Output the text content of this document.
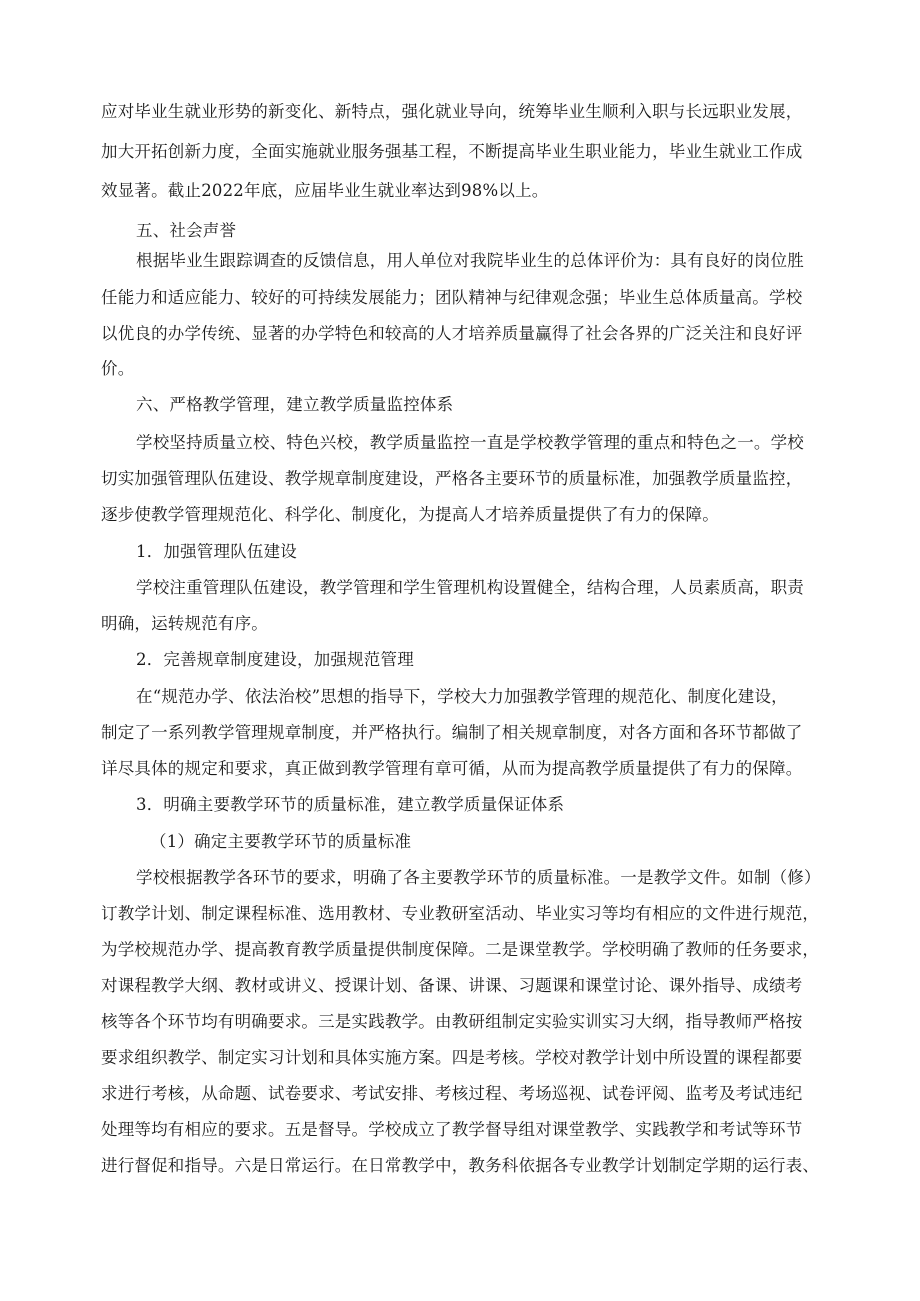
应对毕业生就业形势的新变化、新特点，强化就业导向，统筹毕业生顺利入职与长远职业发展，
加大开拓创新力度，全面实施就业服务强基工程，不断提高毕业生职业能力，毕业生就业工作成
效显著。截止2022年底，应届毕业生就业率达到98%以上。
五、社会声誉
根据毕业生跟踪调查的反馈信息，用人单位对我院毕业生的总体评价为：具有良好的岗位胜
任能力和适应能力、较好的可持续发展能力；团队精神与纪律观念强；毕业生总体质量高。学校
以优良的办学传统、显著的办学特色和较高的人才培养质量赢得了社会各界的广泛关注和良好评
价。
六、严格教学管理，建立教学质量监控体系
学校坚持质量立校、特色兴校，教学质量监控一直是学校教学管理的重点和特色之一。学校
切实加强管理队伍建设、教学规章制度建设，严格各主要环节的质量标准，加强教学质量监控，
逐步使教学管理规范化、科学化、制度化，为提高人才培养质量提供了有力的保障。
1．加强管理队伍建设
学校注重管理队伍建设，教学管理和学生管理机构设置健全，结构合理，人员素质高，职责
明确，运转规范有序。
2．完善规章制度建设，加强规范管理
在“规范办学、依法治校”思想的指导下，学校大力加强教学管理的规范化、制度化建设，
制定了一系列教学管理规章制度，并严格执行。编制了相关规章制度，对各方面和各环节都做了
详尽具体的规定和要求，真正做到教学管理有章可循，从而为提高教学质量提供了有力的保障。
3．明确主要教学环节的质量标准，建立教学质量保证体系
（1）确定主要教学环节的质量标准
学校根据教学各环节的要求，明确了各主要教学环节的质量标准。一是教学文件。如制（修）
订教学计划、制定课程标准、选用教材、专业教研室活动、毕业实习等均有相应的文件进行规范，
为学校规范办学、提高教育教学质量提供制度保障。二是课堂教学。学校明确了教师的任务要求，
对课程教学大纲、教材或讲义、授课计划、备课、讲课、习题课和课堂讨论、课外指导、成绩考
核等各个环节均有明确要求。三是实践教学。由教研组制定实验实训实习大纲，指导教师严格按
要求组织教学、制定实习计划和具体实施方案。四是考核。学校对教学计划中所设置的课程都要
求进行考核，从命题、试卷要求、考试安排、考核过程、考场巡视、试卷评阅、监考及考试违纪
处理等均有相应的要求。五是督导。学校成立了教学督导组对课堂教学、实践教学和考试等环节
进行督促和指导。六是日常运行。在日常教学中，教务科依据各专业教学计划制定学期的运行表、
